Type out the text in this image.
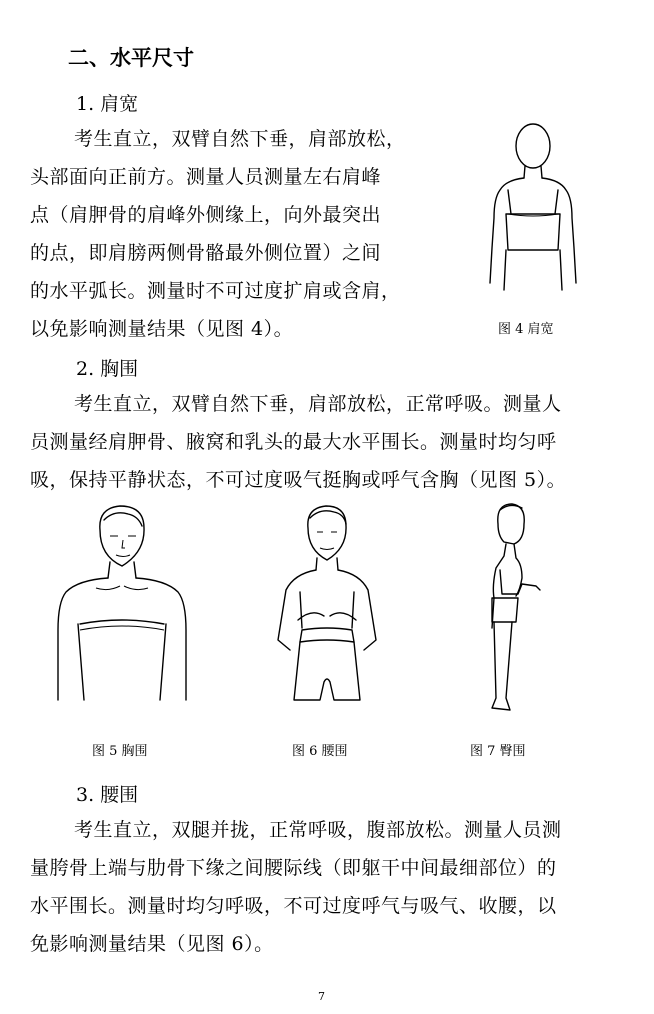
二、水平尺寸
1. 肩宽
考生直立，双臂自然下垂，肩部放松，
头部面向正前方。测量人员测量左右肩峰
点（肩胛骨的肩峰外侧缘上，向外最突出
的点，即肩膀两侧骨骼最外侧位置）之间
的水平弧长。测量时不可过度扩肩或含肩，
以免影响测量结果（见图 4）。	图 4 肩宽
2. 胸围
考生直立，双臂自然下垂，肩部放松，正常呼吸。测量人
员测量经肩胛骨、腋窝和乳头的最大水平围长。测量时均匀呼
吸，保持平静状态，不可过度吸气挺胸或呼气含胸（见图 5）。
图 5 胸围	图 6 腰围	图 7 臀围
3. 腰围
考生直立，双腿并拢，正常呼吸，腹部放松。测量人员测
量胯骨上端与肋骨下缘之间腰际线（即躯干中间最细部位）的
水平围长。测量时均匀呼吸，不可过度呼气与吸气、收腰，以
免影响测量结果（见图 6）。
7
